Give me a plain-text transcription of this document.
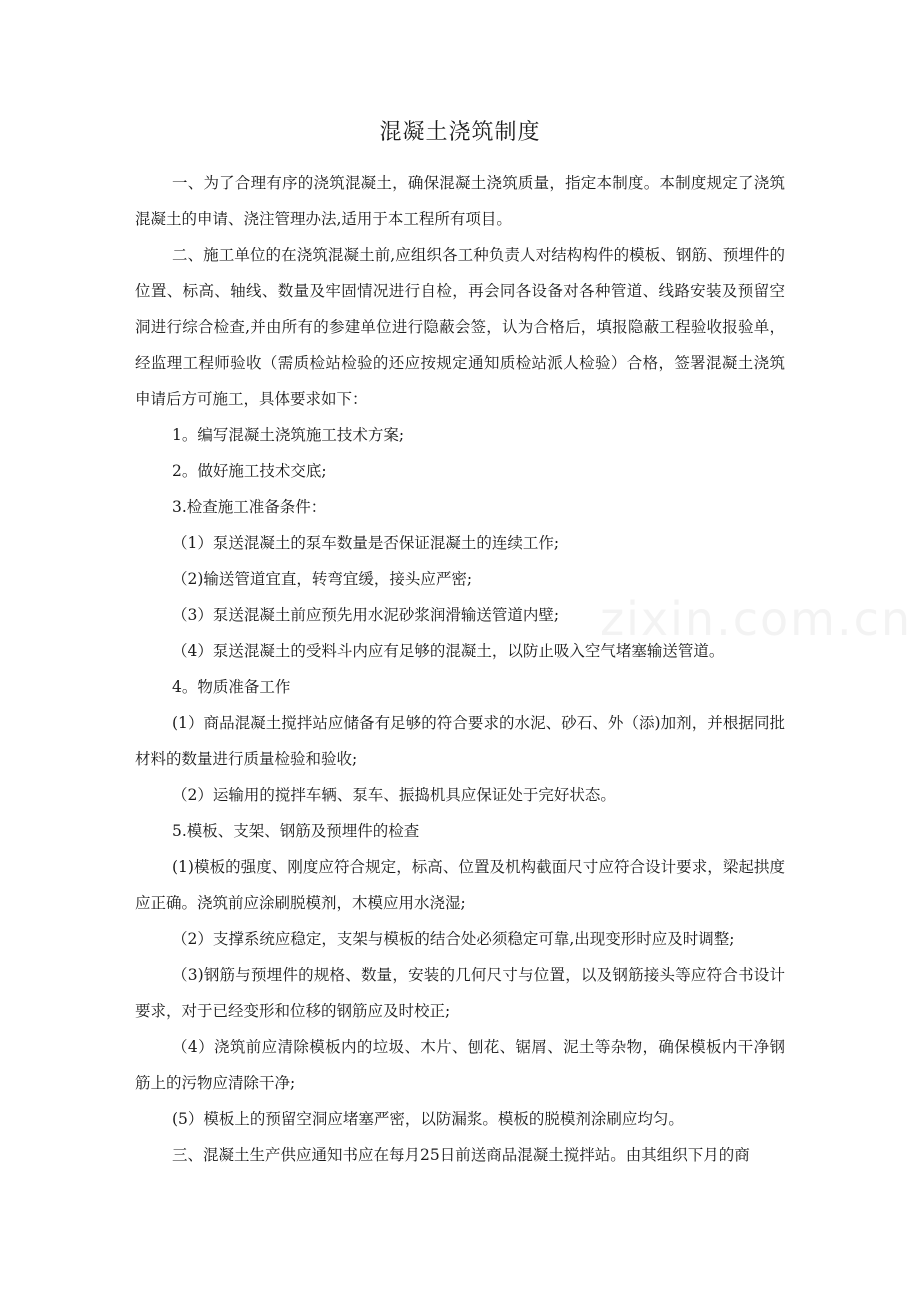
混凝土浇筑制度

一、为了合理有序的浇筑混凝土，确保混凝土浇筑质量，指定本制度。本制度规定了浇筑混凝土的申请、浇注管理办法,适用于本工程所有项目。

二、施工单位的在浇筑混凝土前,应组织各工种负责人对结构构件的模板、钢筋、预埋件的位置、标高、轴线、数量及牢固情况进行自检，再会同各设备对各种管道、线路安装及预留空洞进行综合检查,并由所有的参建单位进行隐蔽会签，认为合格后，填报隐蔽工程验收报验单，经监理工程师验收（需质检站检验的还应按规定通知质检站派人检验）合格，签署混凝土浇筑申请后方可施工，具体要求如下：

1。编写混凝土浇筑施工技术方案;

2。做好施工技术交底;

3.检查施工准备条件：

（1）泵送混凝土的泵车数量是否保证混凝土的连续工作;

（2)输送管道宜直，转弯宜缓，接头应严密;

（3）泵送混凝土前应预先用水泥砂浆润滑输送管道内壁;

（4）泵送混凝土的受料斗内应有足够的混凝土，以防止吸入空气堵塞输送管道。

4。物质准备工作

(1）商品混凝土搅拌站应储备有足够的符合要求的水泥、砂石、外（添)加剂，并根据同批材料的数量进行质量检验和验收;

（2）运输用的搅拌车辆、泵车、振捣机具应保证处于完好状态。

5.模板、支架、钢筋及预埋件的检查

(1)模板的强度、刚度应符合规定，标高、位置及机构截面尺寸应符合设计要求，梁起拱度应正确。浇筑前应涂刷脱模剂，木模应用水浇湿;

（2）支撑系统应稳定，支架与模板的结合处必须稳定可靠,出现变形时应及时调整;

（3)钢筋与预埋件的规格、数量，安装的几何尺寸与位置，以及钢筋接头等应符合书设计要求，对于已经变形和位移的钢筋应及时校正;

（4）浇筑前应清除模板内的垃圾、木片、刨花、锯屑、泥土等杂物，确保模板内干净钢筋上的污物应清除干净;

(5）模板上的预留空洞应堵塞严密，以防漏浆。模板的脱模剂涂刷应均匀。

三、混凝土生产供应通知书应在每月25日前送商品混凝土搅拌站。由其组织下月的商

zixin.com.cn
